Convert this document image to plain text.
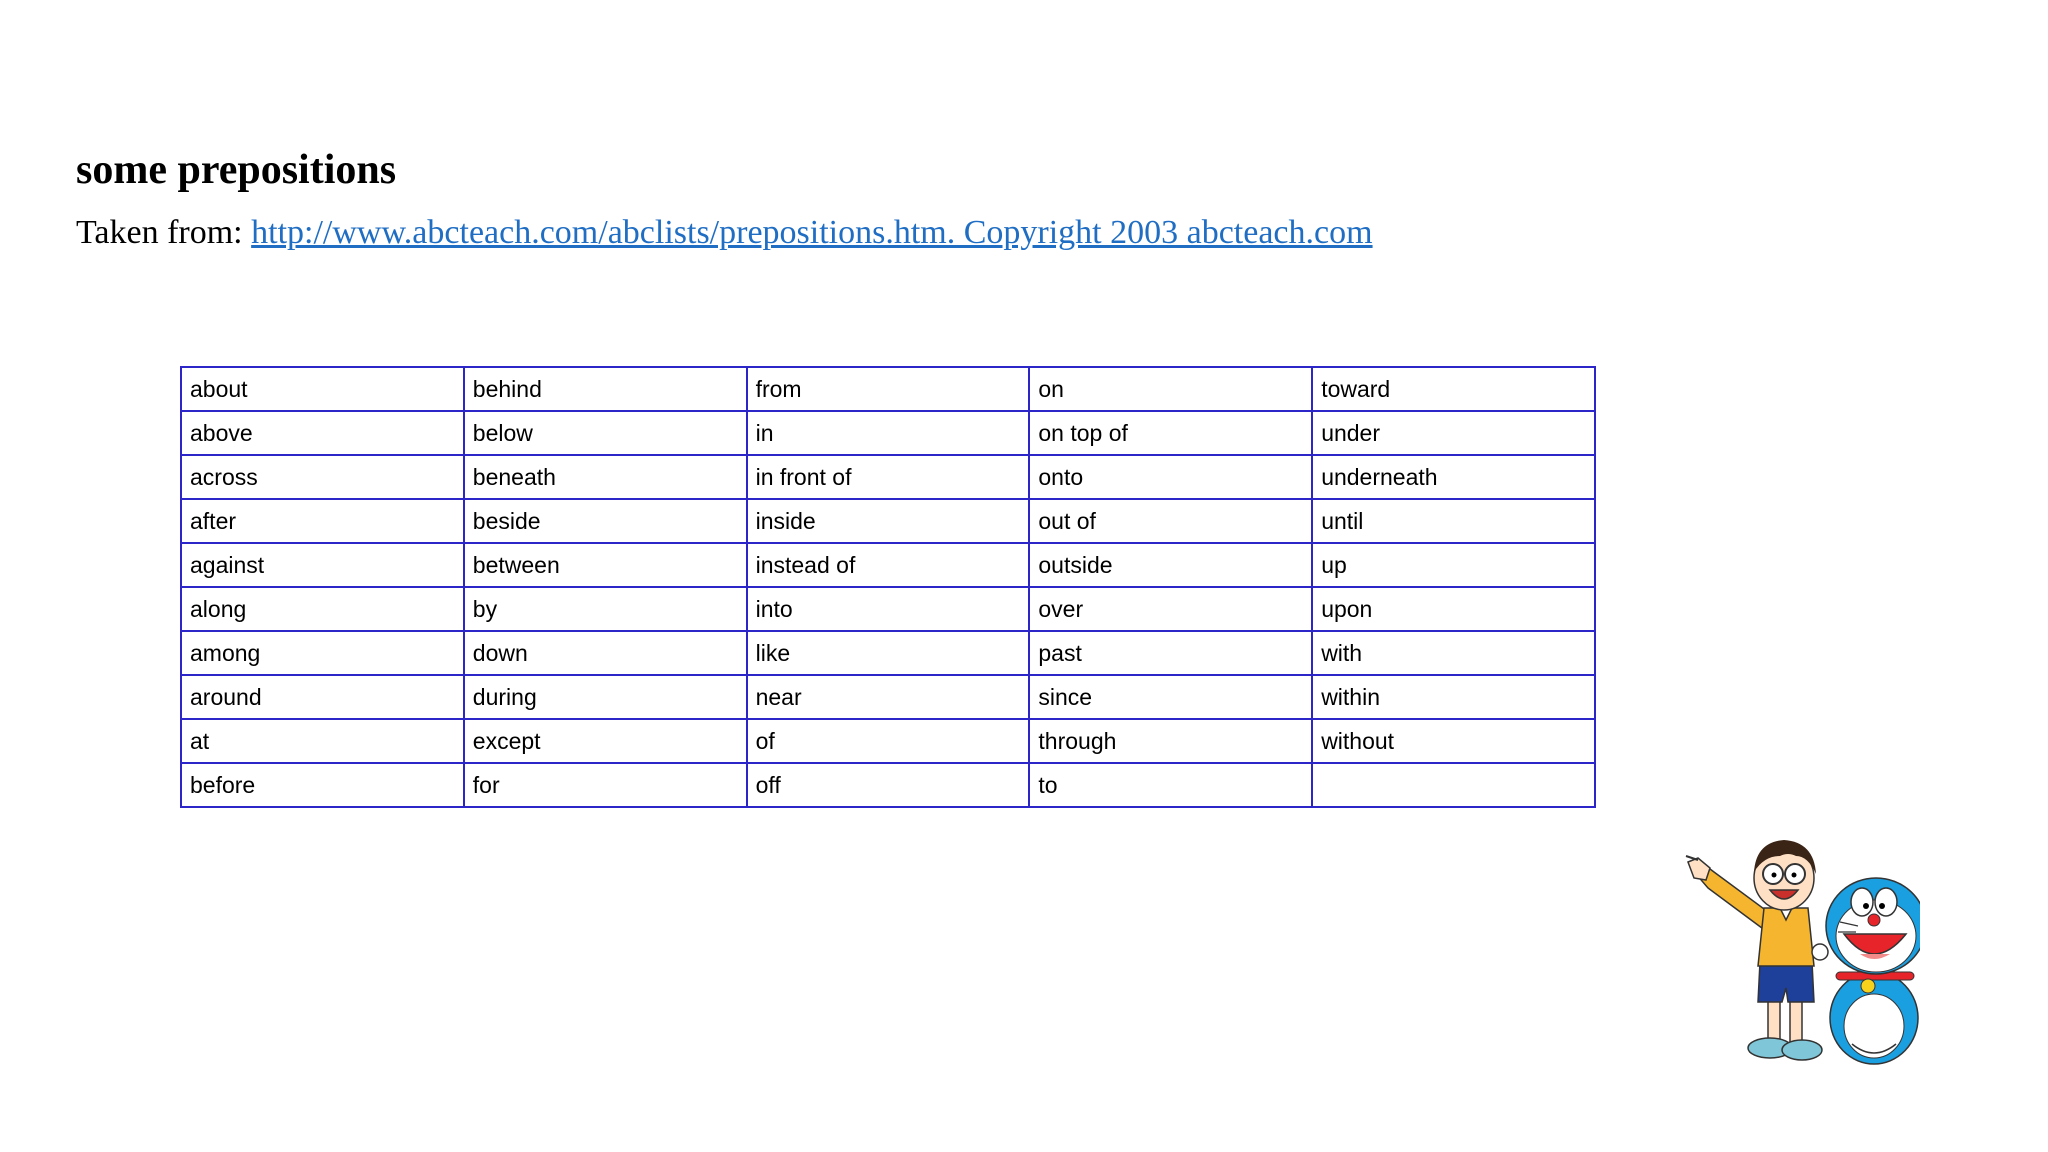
some prepositions
Taken from: http://www.abcteach.com/abclists/prepositions.htm. Copyright 2003 abcteach.com
about	behind	from	on	toward
above	below	in	on top of	under
across	beneath	in front of	onto	underneath
after	beside	inside	out of	until
against	between	instead of	outside	up
along	by	into	over	upon
among	down	like	past	with
around	during	near	since	within
at	except	of	through	without
before	for	off	to	
